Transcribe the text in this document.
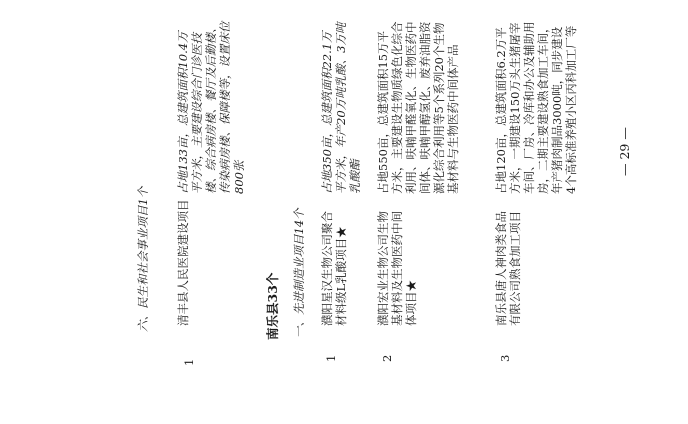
六、民生和社会事业项目1个

1

清丰县人民医院建设项目

占地133亩，总建筑面积10.4万平方米，主要建设综合门诊医技楼、综合病房楼、餐厅及后勤楼、传染病房楼、保障楼等，设置床位800张

南乐县33个 一、先进制造业项目14个

1

濮阳星汉生物公司聚合材料级L乳酸项目★

占地350亩，总建筑面积22.1万平方米，年产20万吨乳酸、3万吨乳酸酯

2

濮阳宏业生物公司生物基材料及生物医药中间体项目★

占地550亩，总建筑面积15万平方米，主要建设生物质绿色化综合利用、呋喃甲醛氧化、生物医药中间体、呋喃甲醇氢化、废弃油脂资源化综合利用等5个系列20个生物基材料与生物医药中间体产品

3

南乐县唐人神肉类食品有限公司熟食加工项目

占地120亩，总建筑面积6.2万平方米，一期建设150万头生猪屠宰车间、厂房、冷库和办公及辅助用房，二期主要建设熟食加工车间，年产猪肉制品3000吨，同步建设4个高标准养殖小区丙科加工厂等	— 29 —
